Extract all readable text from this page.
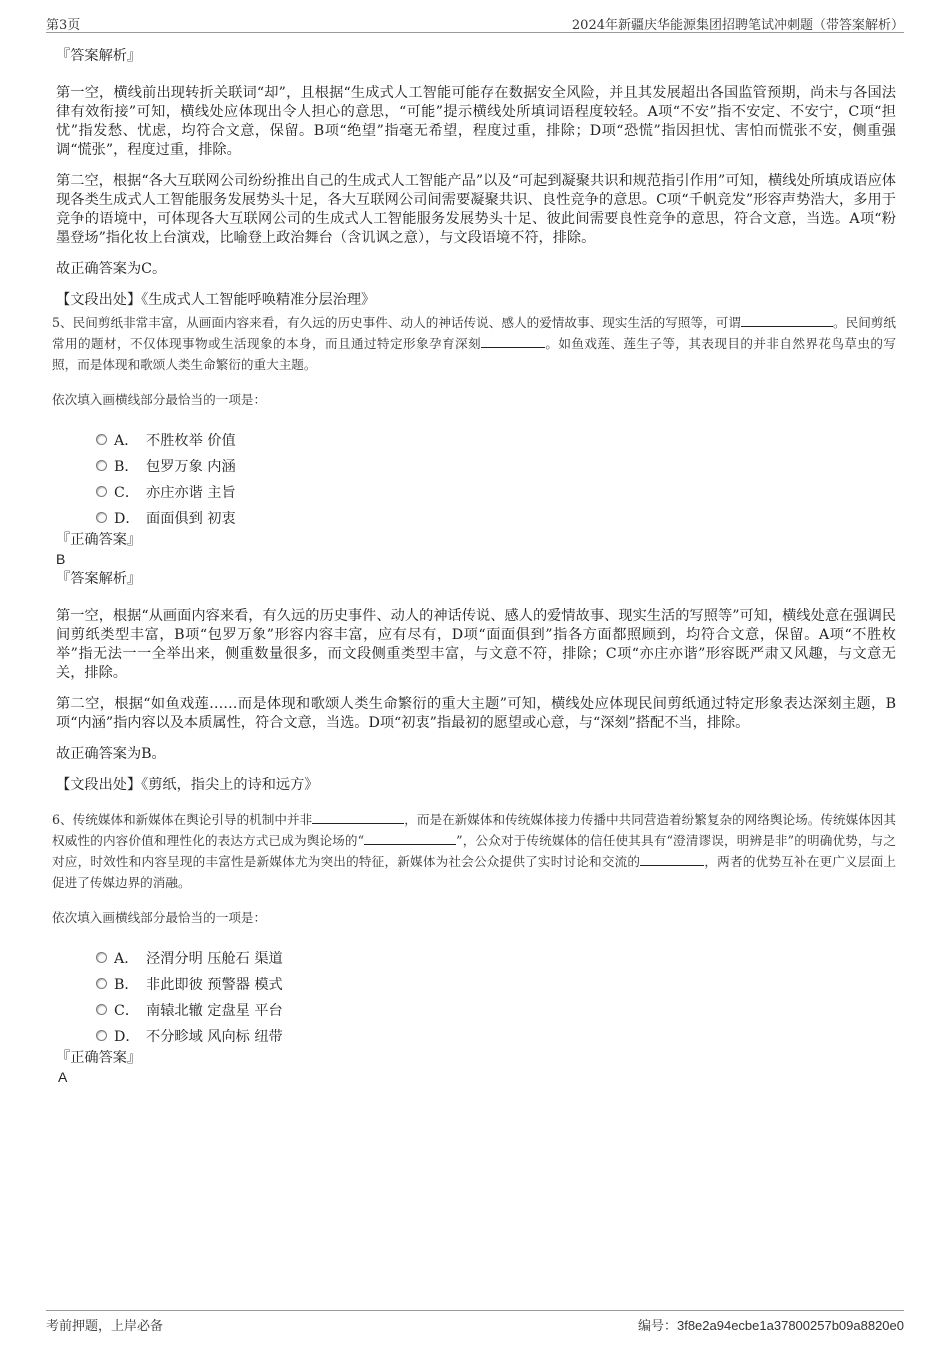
第3页	2024年新疆庆华能源集团招聘笔试冲刺题（带答案解析）

『答案解析』

第一空，横线前出现转折关联词“却”，且根据“生成式人工智能可能存在数据安全风险，并且其发展超出各国监管预期，尚未与各国法律有效衔接”可知，横线处应体现出令人担心的意思，“可能”提示横线处所填词语程度较轻。A项“不安”指不安定、不安宁，C项“担忧”指发愁、忧虑，均符合文意，保留。B项“绝望”指毫无希望，程度过重，排除；D项“恐慌”指因担忧、害怕而慌张不安，侧重强调“慌张”，程度过重，排除。

第二空，根据“各大互联网公司纷纷推出自己的生成式人工智能产品”以及“可起到凝聚共识和规范指引作用”可知，横线处所填成语应体现各类生成式人工智能服务发展势头十足，各大互联网公司间需要凝聚共识、良性竞争的意思。C项“千帆竞发”形容声势浩大，多用于竞争的语境中，可体现各大互联网公司的生成式人工智能服务发展势头十足、彼此间需要良性竞争的意思，符合文意，当选。A项“粉墨登场”指化妆上台演戏，比喻登上政治舞台（含讥讽之意），与文段语境不符，排除。

故正确答案为C。

【文段出处】《生成式人工智能呼唤精准分层治理》

5、民间剪纸非常丰富，从画面内容来看，有久远的历史事件、动人的神话传说、感人的爱情故事、现实生活的写照等，可谓	。民间剪纸常用的题材，不仅体现事物或生活现象的本身，而且通过特定形象孕育深刻	。如鱼戏莲、莲生子等，其表现目的并非自然界花鸟草虫的写照，而是体现和歌颂人类生命繁衍的重大主题。

依次填入画横线部分最恰当的一项是：

A． 不胜枚举 价值
B． 包罗万象 内涵
C． 亦庄亦谐 主旨
D． 面面俱到 初衷

『正确答案』

B

『答案解析』

第一空，根据“从画面内容来看，有久远的历史事件、动人的神话传说、感人的爱情故事、现实生活的写照等”可知，横线处意在强调民间剪纸类型丰富，B项“包罗万象”形容内容丰富，应有尽有，D项“面面俱到”指各方面都照顾到，均符合文意，保留。A项“不胜枚举”指无法一一全举出来，侧重数量很多，而文段侧重类型丰富，与文意不符，排除；C项“亦庄亦谐”形容既严肃又风趣，与文意无关，排除。

第二空，根据“如鱼戏莲……而是体现和歌颂人类生命繁衍的重大主题”可知，横线处应体现民间剪纸通过特定形象表达深刻主题，B项“内涵”指内容以及本质属性，符合文意，当选。D项“初衷”指最初的愿望或心意，与“深刻”搭配不当，排除。

故正确答案为B。

【文段出处】《剪纸，指尖上的诗和远方》

6、传统媒体和新媒体在舆论引导的机制中并非	，而是在新媒体和传统媒体接力传播中共同营造着纷繁复杂的网络舆论场。传统媒体因其权威性的内容价值和理性化的表达方式已成为舆论场的“	”，公众对于传统媒体的信任使其具有“澄清谬误，明辨是非”的明确优势，与之对应，时效性和内容呈现的丰富性是新媒体尤为突出的特征，新媒体为社会公众提供了实时讨论和交流的	，两者的优势互补在更广义层面上促进了传媒边界的消融。

依次填入画横线部分最恰当的一项是：

A． 泾渭分明 压舱石 渠道
B． 非此即彼 预警器 模式
C． 南辕北辙 定盘星 平台
D． 不分畛域 风向标 纽带

『正确答案』

A

考前押题，上岸必备	编号：3f8e2a94ecbe1a37800257b09a8820e0
